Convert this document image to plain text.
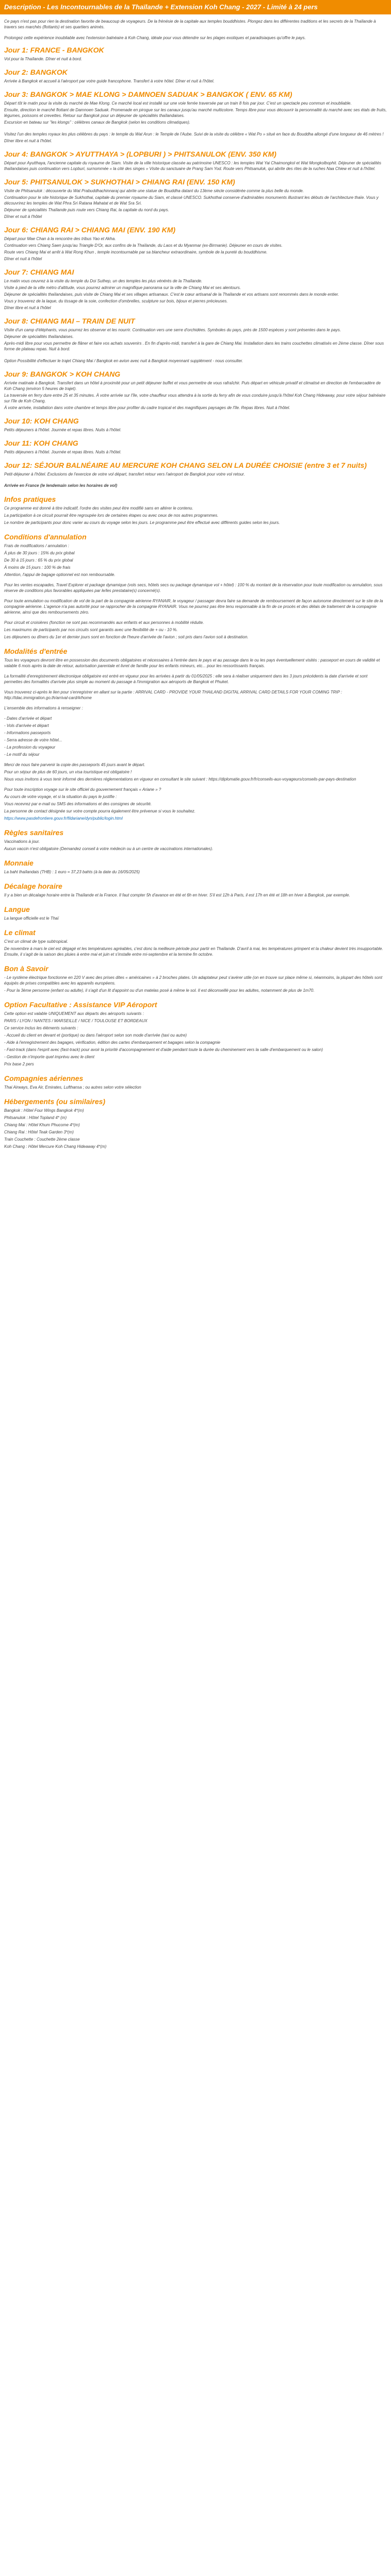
Description - Les Incontournables de la Thaïlande + Extension Koh Chang - 2027 - Limité à 24 pers

Ce pays n'est pas pour rien la destination favorite de beaucoup de voyageurs. De la frénésie de la capitale aux temples bouddhistes. Plongez dans les différentes traditions et les secrets de la Thaïlande à travers ses marchés (flottants) et ses quartiers animés.

Prolongez cette expérience inoubliable avec l'extension balnéaire à Koh Chang, idéale pour vous détendre sur les plages exotiques et paradisiaques qu'offre le pays.

Jour 1: FRANCE - BANGKOK

Vol pour la Thaïlande. Dîner et nuit à bord.

Jour 2: BANGKOK

Arrivée à Bangkok et accueil à l'aéroport par votre guide francophone. Transfert à votre hôtel. Dîner et nuit à l'hôtel.

Jour 3: BANGKOK > MAE KLONG > DAMNOEN SADUAK > BANGKOK ( ENV. 65 KM)

Départ tôt le matin pour la visite du marché de Mae Klong. Ce marché local est installé sur une voie ferrée traversée par un train 8 fois par jour. C'est un spectacle peu commun et inoubliable.

Ensuite, direction le marché flottant de Damnoen Saduak. Promenade en pirogue sur les canaux jusqu'au marché multicolore. Temps libre pour vous découvrir la personnalité du marché avec ses étals de fruits, légumes, poissons et crevettes. Retour sur Bangkok pour un déjeuner de spécialités thaïlandaises.

Excursion en bateau sur "les klongs" : célèbres canaux de Bangkok (selon les conditions climatiques).

Visitez l'un des temples royaux les plus célèbres du pays : le temple du Wat Arun : le Temple de l'Aube. Suivi de la visite du célèbre « Wat Po » situé en face du Bouddha allongé d'une longueur de 46 mètres !

Dîner libre et nuit à l'hôtel.

Jour 4: BANGKOK > AYUTTHAYA > (LOPBURI ) > PHITSANULOK (ENV. 350 KM)

Départ pour Ayutthaya, l'ancienne capitale du royaume de Siam. Visite de la ville historique classée au patrimoine UNESCO : les temples Wat Yai Chaimongkol et Wat Mongkolbophit. Déjeuner de spécialités thaïlandaises puis continuation vers Lopburi, surnommée « la cité des singes » Visite du sanctuaire de Prang Sam Yod. Route vers Phitsanulok, qui abrite des rites de la ruches Naa Chiew et nuit à l'hôtel.

Jour 5: PHITSANULOK > SUKHOTHAI > CHIANG RAI (ENV. 150 KM)

Visite de Phitsanulok : découverte du Wat Prabuddhachinnaraj qui abrite une statue de Bouddha datant du 13ème siècle considérée comme la plus belle du monde.

Continuation pour le site historique de Sukhothai, capitale du premier royaume du Siam, et classé UNESCO. Sukhothai conserve d'admirables monuments illustrant les débuts de l'architecture thaïe. Vous y découvrirez les temples de Wat Phra Sri Ratana Mahatat et de Wat Sra Sri.

Déjeuner de spécialités Thaïlande puis route vers Chiang Rai, la capitale du nord du pays.

Dîner et nuit à l'hôtel

Jour 6: CHIANG RAI > CHIANG MAI (ENV. 190 KM)

Départ pour Mae Chan à la rencontre des tribus Yao et Akha.

Continuation vers Chiang Saen jusqu'au Triangle D'Or, aux confins de la Thaïlande, du Laos et du Myanmar (ex-Birmanie). Déjeuner en cours de visites.

Route vers Chiang Mai et arrêt à Wat Rong Khun , temple incontournable par sa blancheur extraordinaire, symbole de la pureté du bouddhisme.

Dîner et nuit à l'hôtel

Jour 7: CHIANG MAI

Le matin vous ceuvrez à la visite du temple du Doi Suthep, un des temples les plus vénérés de la Thaïlande.

Visite à pied de la ville métro d'altitude, vous pourrez admirer un magnifique panorama sur la ville de Chiang Mai et ses alentours.

Déjeuner de spécialités thaïlandaises, puis visite de Chiang Mai et ses villages artisanaux. C'est le cœur artisanal de la Thaïlande et vos artisans sont renommés dans le monde entier.

Vous y trouverez de la laque, du tissage de la soie, confection d'ombrelles, sculpture sur bois, bijoux et pierres précieuses.

Dîner libre et nuit à l'hôtel

Jour 8: CHIANG MAI – TRAIN DE NUIT

Visite d'un camp d'éléphants, vous pourrez les observer et les nourrir. Continuation vers une serre d'orchidées. Symboles du pays, près de 1500 espèces y sont présentes dans le pays.

Déjeuner de spécialités thaïlandaises.

Après-midi libre pour vous permettre de flâner et faire vos achats souvenirs . En fin d'après-midi, transfert à la gare de Chiang Mai. Installation dans les trains couchettes climatisés en 2ème classe. Dîner sous forme de plateau repas. Nuit à bord.

Option Possibilité d'effectuer le trajet Chiang Mai / Bangkok en avion avec nuit à Bangkok moyennant supplément - nous consulter.

Jour 9: BANGKOK > KOH CHANG

Arrivée matinale à Bangkok. Transfert dans un hôtel à proximité pour un petit déjeuner buffet et vous permettre de vous rafraîchir. Puis départ en véhicule privatif et climatisé en direction de l'embarcadère de Koh Chang (environ 5 heures de trajet).

La traversée en ferry dure entre 25 et 35 minutes. À votre arrivée sur l'île, votre chauffeur vous attendra à la sortie du ferry afin de vous conduire jusqu'à l'hôtel Koh Chang Hideaway, pour votre séjour balnéaire sur l'île de Koh Chang.

À votre arrivée, installation dans votre chambre et temps libre pour profiter du cadre tropical et des magnifiques paysages de l'île. Repas libres. Nuit à l'hôtel.

Jour 10: KOH CHANG

Petits déjeuners à l'hôtel. Journée et repas libres. Nuits à l'hôtel.

Jour 11: KOH CHANG

Petits déjeuners à l'hôtel. Journée et repas libres. Nuits à l'hôtel.

Jour 12: SÉJOUR BALNÉAIRE AU MERCURE KOH CHANG SELON LA DURÉE CHOISIE (entre 3 et 7 nuits)

Petit-déjeuner à l'hôtel. Exclusions de l'exercice de votre vol départ, transfert retour vers l'aéroport de Bangkok pour votre vol retour.

Arrivée en France (le lendemain selon les horaires de vol)

Infos pratiques

Ce programme est donné à titre indicatif, l'ordre des visites peut être modifié sans en altérer le contenu.

La participation à ce circuit pourrait être regroupée lors de certaines étapes ou avec ceux de nos autres programmes.

Le nombre de participants pour donc varier au cours du voyage selon les jours. Le programme peut être effectué avec différents guides selon les jours.

Conditions d'annulation

Frais de modifications / annulation :

À plus de 30 jours : 15% du prix global

De 30 à 15 jours : 65 % du prix global

À moins de 15 jours : 100 % de frais

Attention, l'appui de bagage optionnel est non remboursable.

Pour les ventes escapades, Travel Explorer et package dynamique (vols secs, hôtels secs ou package dynamique vol + hôtel) : 100 % du montant de la réservation pour toute modification ou annulation, sous réserve de conditions plus favorables appliquées par le/les prestataire(s) concerné(s).

Pour toute annulation ou modification de vol de la part de la compagnie aérienne RYANAIR, le voyageur / passager devra faire sa demande de remboursement de façon autonome directement sur le site de la compagnie aérienne. L'agence n'a pas autorité pour se rapprocher de la compagnie RYANAIR. Vous ne pourrez pas être tenu responsable à la fin de ce procès et des délais de traitement de la compagnie aérienne, ainsi que des remboursements zéro.

Pour circuit et croisières (fonction ne sont pas recommandés aux enfants et aux personnes à mobilité réduite.

Les maximums de participants par nos circuits sont garantis avec une flexibilité de + ou - 10 %.

Les déjeuners ou dîners du 1er et dernier jours sont en fonction de l'heure d'arrivée de l'avion ; soit pris dans l'avion soit à destination.

Modalités d'entrée

Tous les voyageurs devront être en possession des documents obligatoires et nécessaires à l'entrée dans le pays et au passage dans le ou les pays éventuellement visités : passeport en cours de validité et valable 6 mois après la date de retour, autorisation parentale et livret de famille pour les enfants mineurs, etc... pour les ressortissants français.

La formalité d'enregistrement électronique obligatoire est entré en vigueur pour les arrivées à partir du 01/05/2025 : elle sera à réaliser uniquement dans les 3 jours précédents la date d'arrivée et sont permettes des formalités d'arrivée plus simple au moment du passage à l'immigration aux aéroports de Bangkok et Phuket.

Vous trouverez ci-après le lien pour s'enregistrer en allant sur la partie : ARRIVAL CARD - PROVIDE YOUR THAILAND DIGITAL ARRIVAL CARD DETAILS FOR YOUR COMING TRIP : http://tdac.immigration.go.th/arrival-card/#/home

L'ensemble des informations à renseigner :

- Dates d'arrivée et départ

- Vols d'arrivée et départ

- Informations passeports

- Serra adresse de votre hôtel...

- La profession du voyageur

- Le motif du séjour

Merci de nous faire parvenir la copie des passeports 45 jours avant le départ.

Pour un séjour de plus de 60 jours, un visa touristique est obligatoire !

Nous vous invitons à vous tenir informé des dernières réglementations en vigueur en consultant le site suivant : https://diplomatie.gouv.fr/fr/conseils-aux-voyageurs/conseils-par-pays-destination

Pour toute inscription voyage sur le site officiel du gouvernement français « Ariane » ?

Au cours de votre voyage, et si la situation du pays le justifie :

Vous recevrez par e-mail ou SMS des informations et des consignes de sécurité.

La personne de contact désignée sur votre compte pourra également être prévenue si vous le souhaitez.

https://www.pasdefrontiere.gouv.fr/fildariane/dyn/public/login.html

Règles sanitaires

Vaccinations à jour.

Aucun vaccin n'est obligatoire (Demandez conseil à votre médecin ou à un centre de vaccinations internationales).

Monnaie

La baht thaïlandais (THB) : 1 euro = 37,23 bahts (à la date du 16/05/2025)

Décalage horaire

Il y a bien un décalage horaire entre la Thaïlande et la France. Il faut compter 5h d'avance en été et 6h en hiver. S'il est 12h à Paris, il est 17h en été et 18h en hiver à Bangkok, par exemple.

Langue

La langue officielle est le Thaï

Le climat

C'est un climat de type subtropical.

De novembre à mars le ciel est dégagé et les températures agréables, c'est donc la meilleure période pour partir en Thaïlande. D'avril à mai, les températures grimpent et la chaleur devient très insupportable. Ensuite, il s'agit de la saison des pluies à entre mai et juin et s'installe entre mi-septembre et la termine fin octobre.

Bon à Savoir

- Le système électrique fonctionne en 220 V avec des prises dites « américaines » à 2 broches plates. Un adaptateur peut s'avérer utile (on en trouve sur place même si, néanmoins, la plupart des hôtels sont équipés de prises compatibles avec les appareils européens.

- Pour la 3ème personne (enfant ou adulte), il s'agit d'un lit d'appoint ou d'un matelas posé à même le sol. Il est déconseillé pour les adultes, notamment de plus de 1m70.

Option Facultative : Assistance VIP Aéroport

Cette option est valable UNIQUEMENT aux départs des aéroports suivants :

PARIS / LYON / NANTES / MARSEILLE / NICE / TOULOUSE ET BORDEAUX

Ce service inclus les éléments suivants :

- Accueil du client en devant et (portique) ou dans l'aéroport selon son mode d'arrivée (taxi ou autre)

- Aide à l'enregistrement des bagages, vérification, édition des cartes d'embarquement et bagages selon la compagnie

- Fast-track (dans l'esprit avec (fast-track) pour avoir la priorité d'accompagnement et d'aide pendant toute la durée du cheminement vers la salle d'embarquement ou le salon)

- Gestion de n'importe quel imprévu avec le client

Prix base 2 pers

Compagnies aériennes

Thai Airways, Eva Air, Emirates, Lufthansa ; ou autres selon votre sélection

Hébergements (ou similaires)

Bangkok : Hôtel Four Wings Bangkok 4*(m)

Phitsanulok : Hôtel Topland 4* (m)

Chiang Mai : Hôtel Khum Phucome 4*(m)

Chiang Rai : Hôtel Teak Garden 3*(m)

Train Couchette : Couchette 2ème classe

Koh Chang : Hôtel Mercure Koh Chang Hideaway 4*(m)
